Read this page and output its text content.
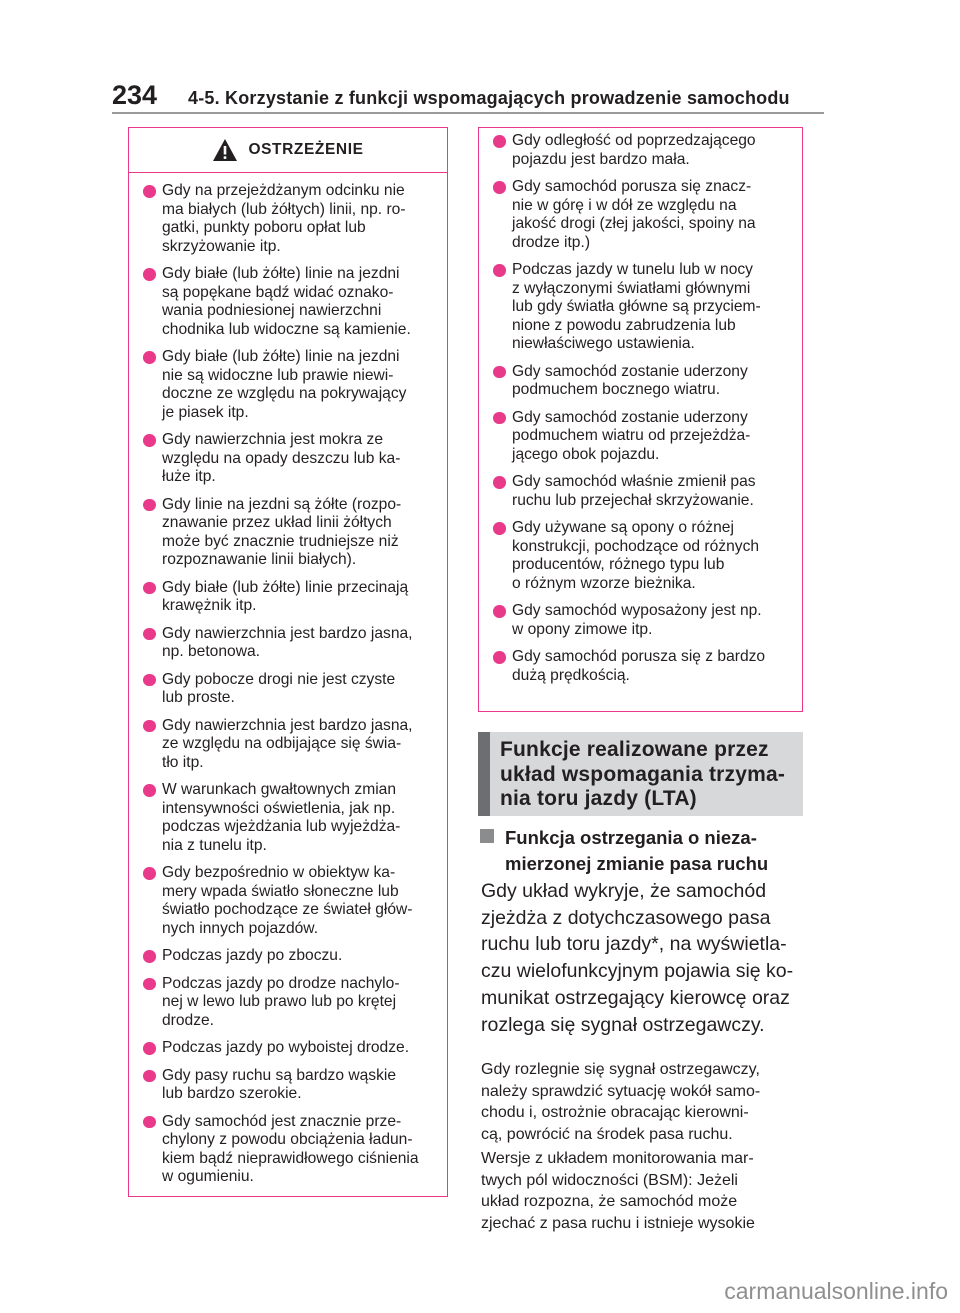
234 4-5. Korzystanie z funkcji wspomagających prowadzenie samochodu
OSTRZEŻENIE
Gdy na przejeżdżanym odcinku nie
ma białych (lub żółtych) linii, np. ro-
gatki, punkty poboru opłat lub
skrzyżowanie itp.
Gdy białe (lub żółte) linie na jezdni
są popękane bądź widać oznako-
wania podniesionej nawierzchni
chodnika lub widoczne są kamienie.
Gdy białe (lub żółte) linie na jezdni
nie są widoczne lub prawie niewi-
doczne ze względu na pokrywający
je piasek itp.
Gdy nawierzchnia jest mokra ze
względu na opady deszczu lub ka-
łuże itp.
Gdy linie na jezdni są żółte (rozpo-
znawanie przez układ linii żółtych
może być znacznie trudniejsze niż
rozpoznawanie linii białych).
Gdy białe (lub żółte) linie przecinają
krawężnik itp.
Gdy nawierzchnia jest bardzo jasna,
np. betonowa.
Gdy pobocze drogi nie jest czyste
lub proste.
Gdy nawierzchnia jest bardzo jasna,
ze względu na odbijające się świa-
tło itp.
W warunkach gwałtownych zmian
intensywności oświetlenia, jak np.
podczas wjeżdżania lub wyjeżdża-
nia z tunelu itp.
Gdy bezpośrednio w obiektyw ka-
mery wpada światło słoneczne lub
światło pochodzące ze świateł głów-
nych innych pojazdów.
Podczas jazdy po zboczu.
Podczas jazdy po drodze nachylo-
nej w lewo lub prawo lub po krętej
drodze.
Podczas jazdy po wyboistej drodze.
Gdy pasy ruchu są bardzo wąskie
lub bardzo szerokie.
Gdy samochód jest znacznie prze-
chylony z powodu obciążenia ładun-
kiem bądź nieprawidłowego ciśnienia
w ogumieniu.
Gdy odległość od poprzedzającego
pojazdu jest bardzo mała.
Gdy samochód porusza się znacz-
nie w górę i w dół ze względu na
jakość drogi (złej jakości, spoiny na
drodze itp.)
Podczas jazdy w tunelu lub w nocy
z wyłączonymi światłami głównymi
lub gdy światła główne są przyciem-
nione z powodu zabrudzenia lub
niewłaściwego ustawienia.
Gdy samochód zostanie uderzony
podmuchem bocznego wiatru.
Gdy samochód zostanie uderzony
podmuchem wiatru od przejeżdża-
jącego obok pojazdu.
Gdy samochód właśnie zmienił pas
ruchu lub przejechał skrzyżowanie.
Gdy używane są opony o różnej
konstrukcji, pochodzące od różnych
producentów, różnego typu lub
o różnym wzorze bieżnika.
Gdy samochód wyposażony jest np.
w opony zimowe itp.
Gdy samochód porusza się z bardzo
dużą prędkością.
Funkcje realizowane przez
układ wspomagania trzyma-
nia toru jazdy (LTA)
Funkcja ostrzegania o nieza-
mierzonej zmianie pasa ruchu
Gdy układ wykryje, że samochód
zjeżdża z dotychczasowego pasa
ruchu lub toru jazdy*, na wyświetla-
czu wielofunkcyjnym pojawia się ko-
munikat ostrzegający kierowcę oraz
rozlega się sygnał ostrzegawczy.
Gdy rozlegnie się sygnał ostrzegawczy,
należy sprawdzić sytuację wokół samo-
chodu i, ostrożnie obracając kierowni-
cą, powrócić na środek pasa ruchu.
Wersje z układem monitorowania mar-
twych pól widoczności (BSM): Jeżeli
układ rozpozna, że samochód może
zjechać z pasa ruchu i istnieje wysokie
carmanualsonline.info
